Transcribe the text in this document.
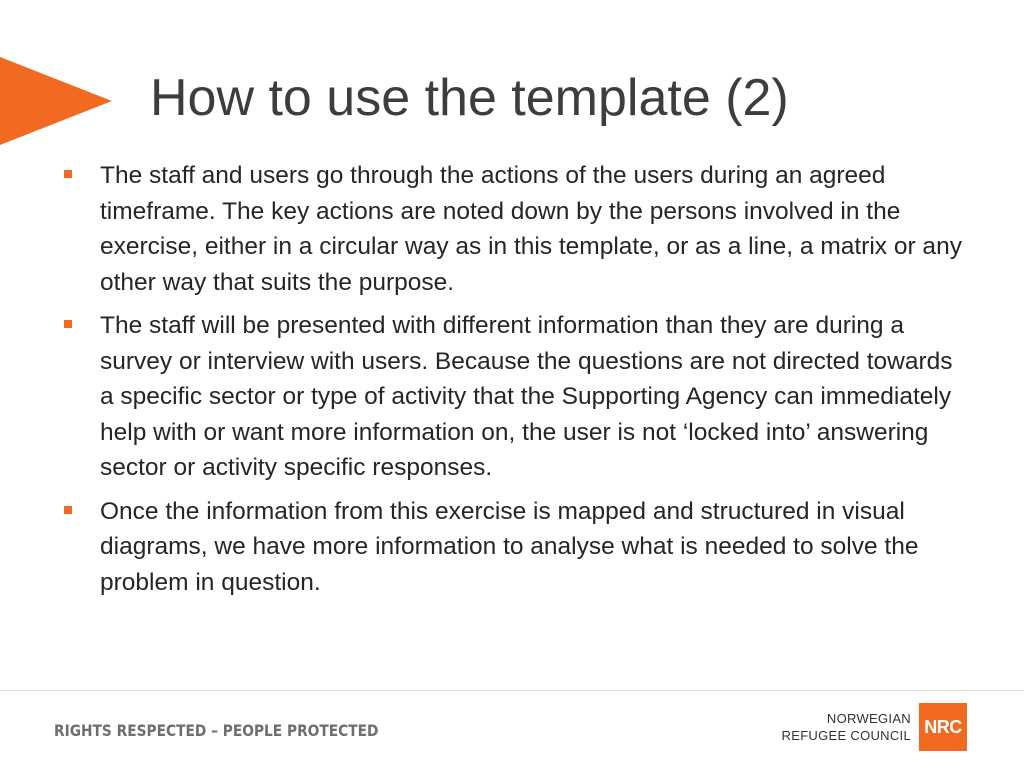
How to use the template (2)
The staff and users go through the actions of the users during an agreed timeframe. The key actions are noted down by the persons involved in the exercise, either in a circular way as in this template, or as a line, a matrix or any other way that suits the purpose.
The staff will be presented with different information than they are during a survey or interview with users. Because the questions are not directed towards a specific sector or type of activity that the Supporting Agency can immediately help with or want more information on, the user is not ‘locked into’ answering sector or activity specific responses.
Once the information from this exercise is mapped and structured in visual diagrams, we have more information to analyse what is needed to solve the problem in question.
RIGHTS RESPECTED – PEOPLE PROTECTED
NORWEGIAN
REFUGEE COUNCIL NRC
